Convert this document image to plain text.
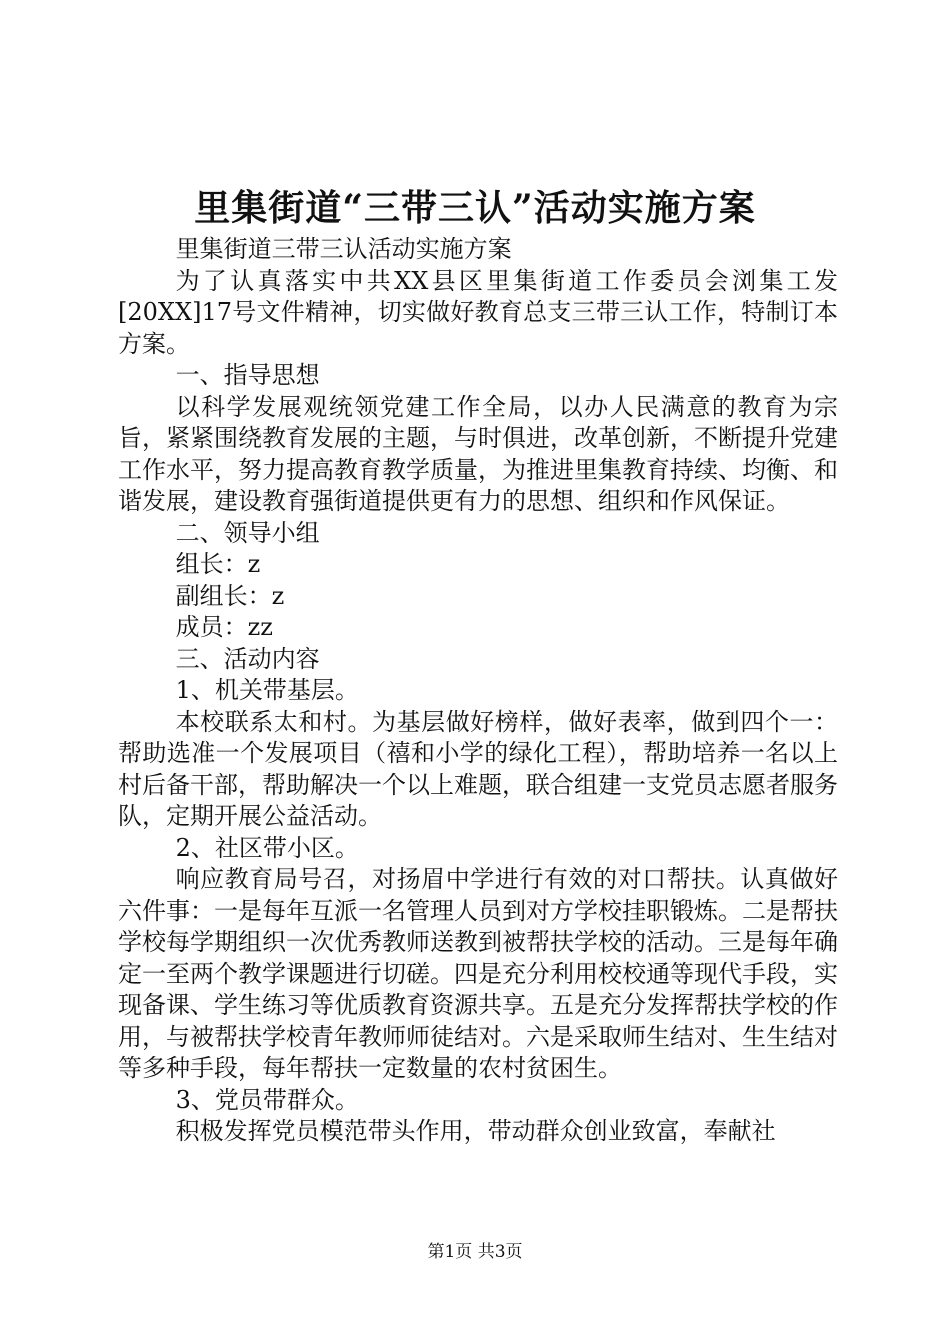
里集街道“三带三认”活动实施方案

里集街道三带三认活动实施方案

为了认真落实中共XX县区里集街道工作委员会浏集工发[20XX]17号文件精神，切实做好教育总支三带三认工作，特制订本方案。

一、指导思想

以科学发展观统领党建工作全局，以办人民满意的教育为宗旨，紧紧围绕教育发展的主题，与时俱进，改革创新，不断提升党建工作水平，努力提高教育教学质量，为推进里集教育持续、均衡、和谐发展，建设教育强街道提供更有力的思想、组织和作风保证。

二、领导小组

组长：z

副组长：z

成员：zz

三、活动内容

1、机关带基层。

本校联系太和村。为基层做好榜样，做好表率，做到四个一：帮助选准一个发展项目（禧和小学的绿化工程），帮助培养一名以上村后备干部，帮助解决一个以上难题，联合组建一支党员志愿者服务队，定期开展公益活动。

2、社区带小区。

响应教育局号召，对扬眉中学进行有效的对口帮扶。认真做好六件事：一是每年互派一名管理人员到对方学校挂职锻炼。二是帮扶学校每学期组织一次优秀教师送教到被帮扶学校的活动。三是每年确定一至两个教学课题进行切磋。四是充分利用校校通等现代手段，实现备课、学生练习等优质教育资源共享。五是充分发挥帮扶学校的作用，与被帮扶学校青年教师师徒结对。六是采取师生结对、生生结对等多种手段，每年帮扶一定数量的农村贫困生。

3、党员带群众。

积极发挥党员模范带头作用，带动群众创业致富，奉献社

第1页 共3页
